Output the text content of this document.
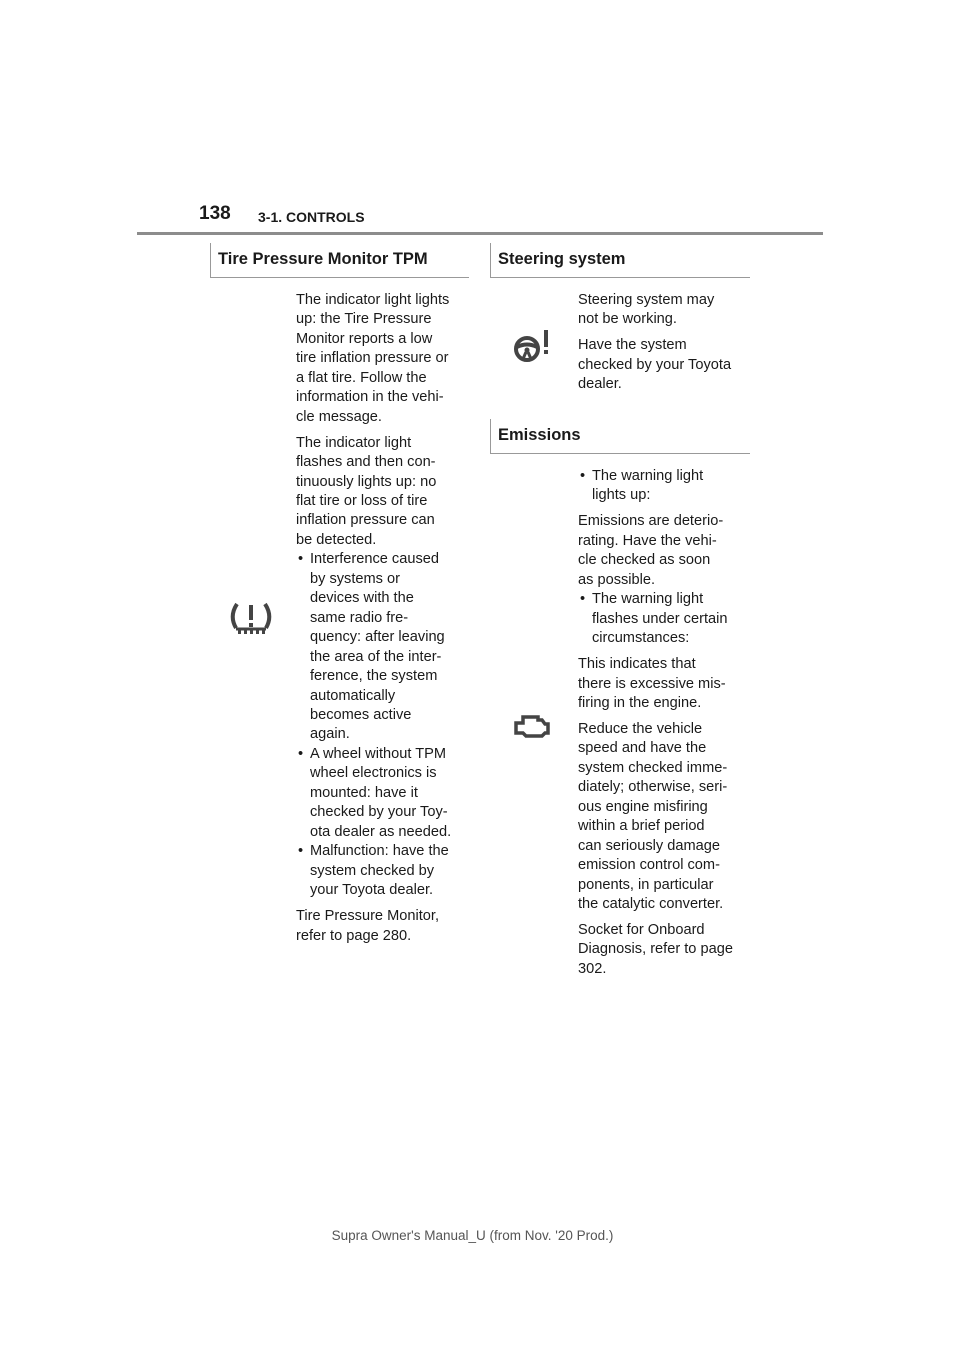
138 3-1. CONTROLS
Tire Pressure Monitor TPM	Steering system
Emissions
The indicator light lights
up: the Tire Pressure
Monitor reports a low
tire inflation pressure or
a flat tire. Follow the
information in the vehi-
cle message.
The indicator light
flashes and then con-
tinuously lights up: no
flat tire or loss of tire
inflation pressure can
be detected.
• Interference caused
by systems or
devices with the
same radio fre-
quency: after leaving
the area of the inter-
ference, the system
automatically
becomes active
again.
• A wheel without TPM
wheel electronics is
mounted: have it
checked by your Toy-
ota dealer as needed.
• Malfunction: have the
system checked by
your Toyota dealer.
Tire Pressure Monitor,
refer to page 280.
Steering system may
not be working.
Have the system
checked by your Toyota
dealer.
• The warning light
lights up:
Emissions are deterio-
rating. Have the vehi-
cle checked as soon
as possible.
• The warning light
flashes under certain
circumstances:
This indicates that
there is excessive mis-
firing in the engine.
Reduce the vehicle
speed and have the
system checked imme-
diately; otherwise, seri-
ous engine misfiring
within a brief period
can seriously damage
emission control com-
ponents, in particular
the catalytic converter.
Socket for Onboard
Diagnosis, refer to page
302.
Supra Owner's Manual_U (from Nov. '20 Prod.)
